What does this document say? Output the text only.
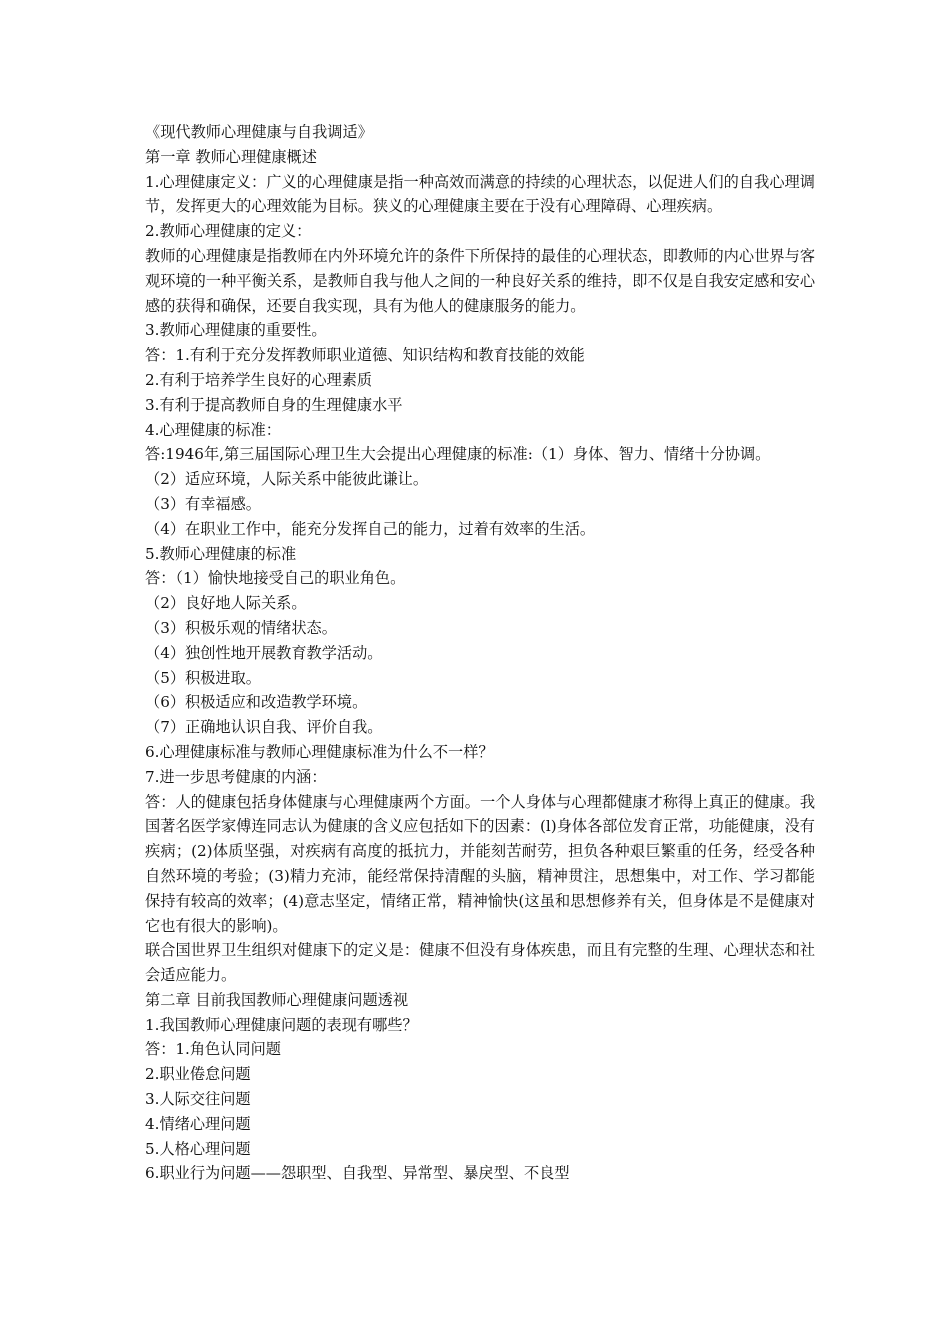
《现代教师心理健康与自我调适》

第一章 教师心理健康概述

1.心理健康定义：广义的心理健康是指一种高效而满意的持续的心理状态，以促进人们的自我心理调节，发挥更大的心理效能为目标。狭义的心理健康主要在于没有心理障碍、心理疾病。

2.教师心理健康的定义：

教师的心理健康是指教师在内外环境允许的条件下所保持的最佳的心理状态，即教师的内心世界与客观环境的一种平衡关系，是教师自我与他人之间的一种良好关系的维持，即不仅是自我安定感和安心感的获得和确保，还要自我实现，具有为他人的健康服务的能力。

3.教师心理健康的重要性。

答：1.有利于充分发挥教师职业道德、知识结构和教育技能的效能

2.有利于培养学生良好的心理素质

3.有利于提高教师自身的生理健康水平

4.心理健康的标准：

答:1946年,第三届国际心理卫生大会提出心理健康的标准:（1）身体、智力、情绪十分协调。

（2）适应环境，人际关系中能彼此谦让。

（3）有幸福感。

（4）在职业工作中，能充分发挥自己的能力，过着有效率的生活。

5.教师心理健康的标准

答：（1）愉快地接受自己的职业角色。

（2）良好地人际关系。

（3）积极乐观的情绪状态。

（4）独创性地开展教育教学活动。

（5）积极进取。

（6）积极适应和改造教学环境。

（7）正确地认识自我、评价自我。

6.心理健康标准与教师心理健康标准为什么不一样？

7.进一步思考健康的内涵：

答：人的健康包括身体健康与心理健康两个方面。一个人身体与心理都健康才称得上真正的健康。我国著名医学家傅连同志认为健康的含义应包括如下的因素：(l)身体各部位发育正常，功能健康，没有疾病；(2)体质坚强，对疾病有高度的抵抗力，并能刻苦耐劳，担负各种艰巨繁重的任务，经受各种自然环境的考验；(3)精力充沛，能经常保持清醒的头脑，精神贯注，思想集中，对工作、学习都能保持有较高的效率；(4)意志坚定，情绪正常，精神愉快(这虽和思想修养有关，但身体是不是健康对它也有很大的影响)。

联合国世界卫生组织对健康下的定义是：健康不但没有身体疾患，而且有完整的生理、心理状态和社会适应能力。

第二章 目前我国教师心理健康问题透视

1.我国教师心理健康问题的表现有哪些？

答：1.角色认同问题

2.职业倦怠问题

3.人际交往问题

4.情绪心理问题

5.人格心理问题

6.职业行为问题——怨职型、自我型、异常型、暴戾型、不良型
